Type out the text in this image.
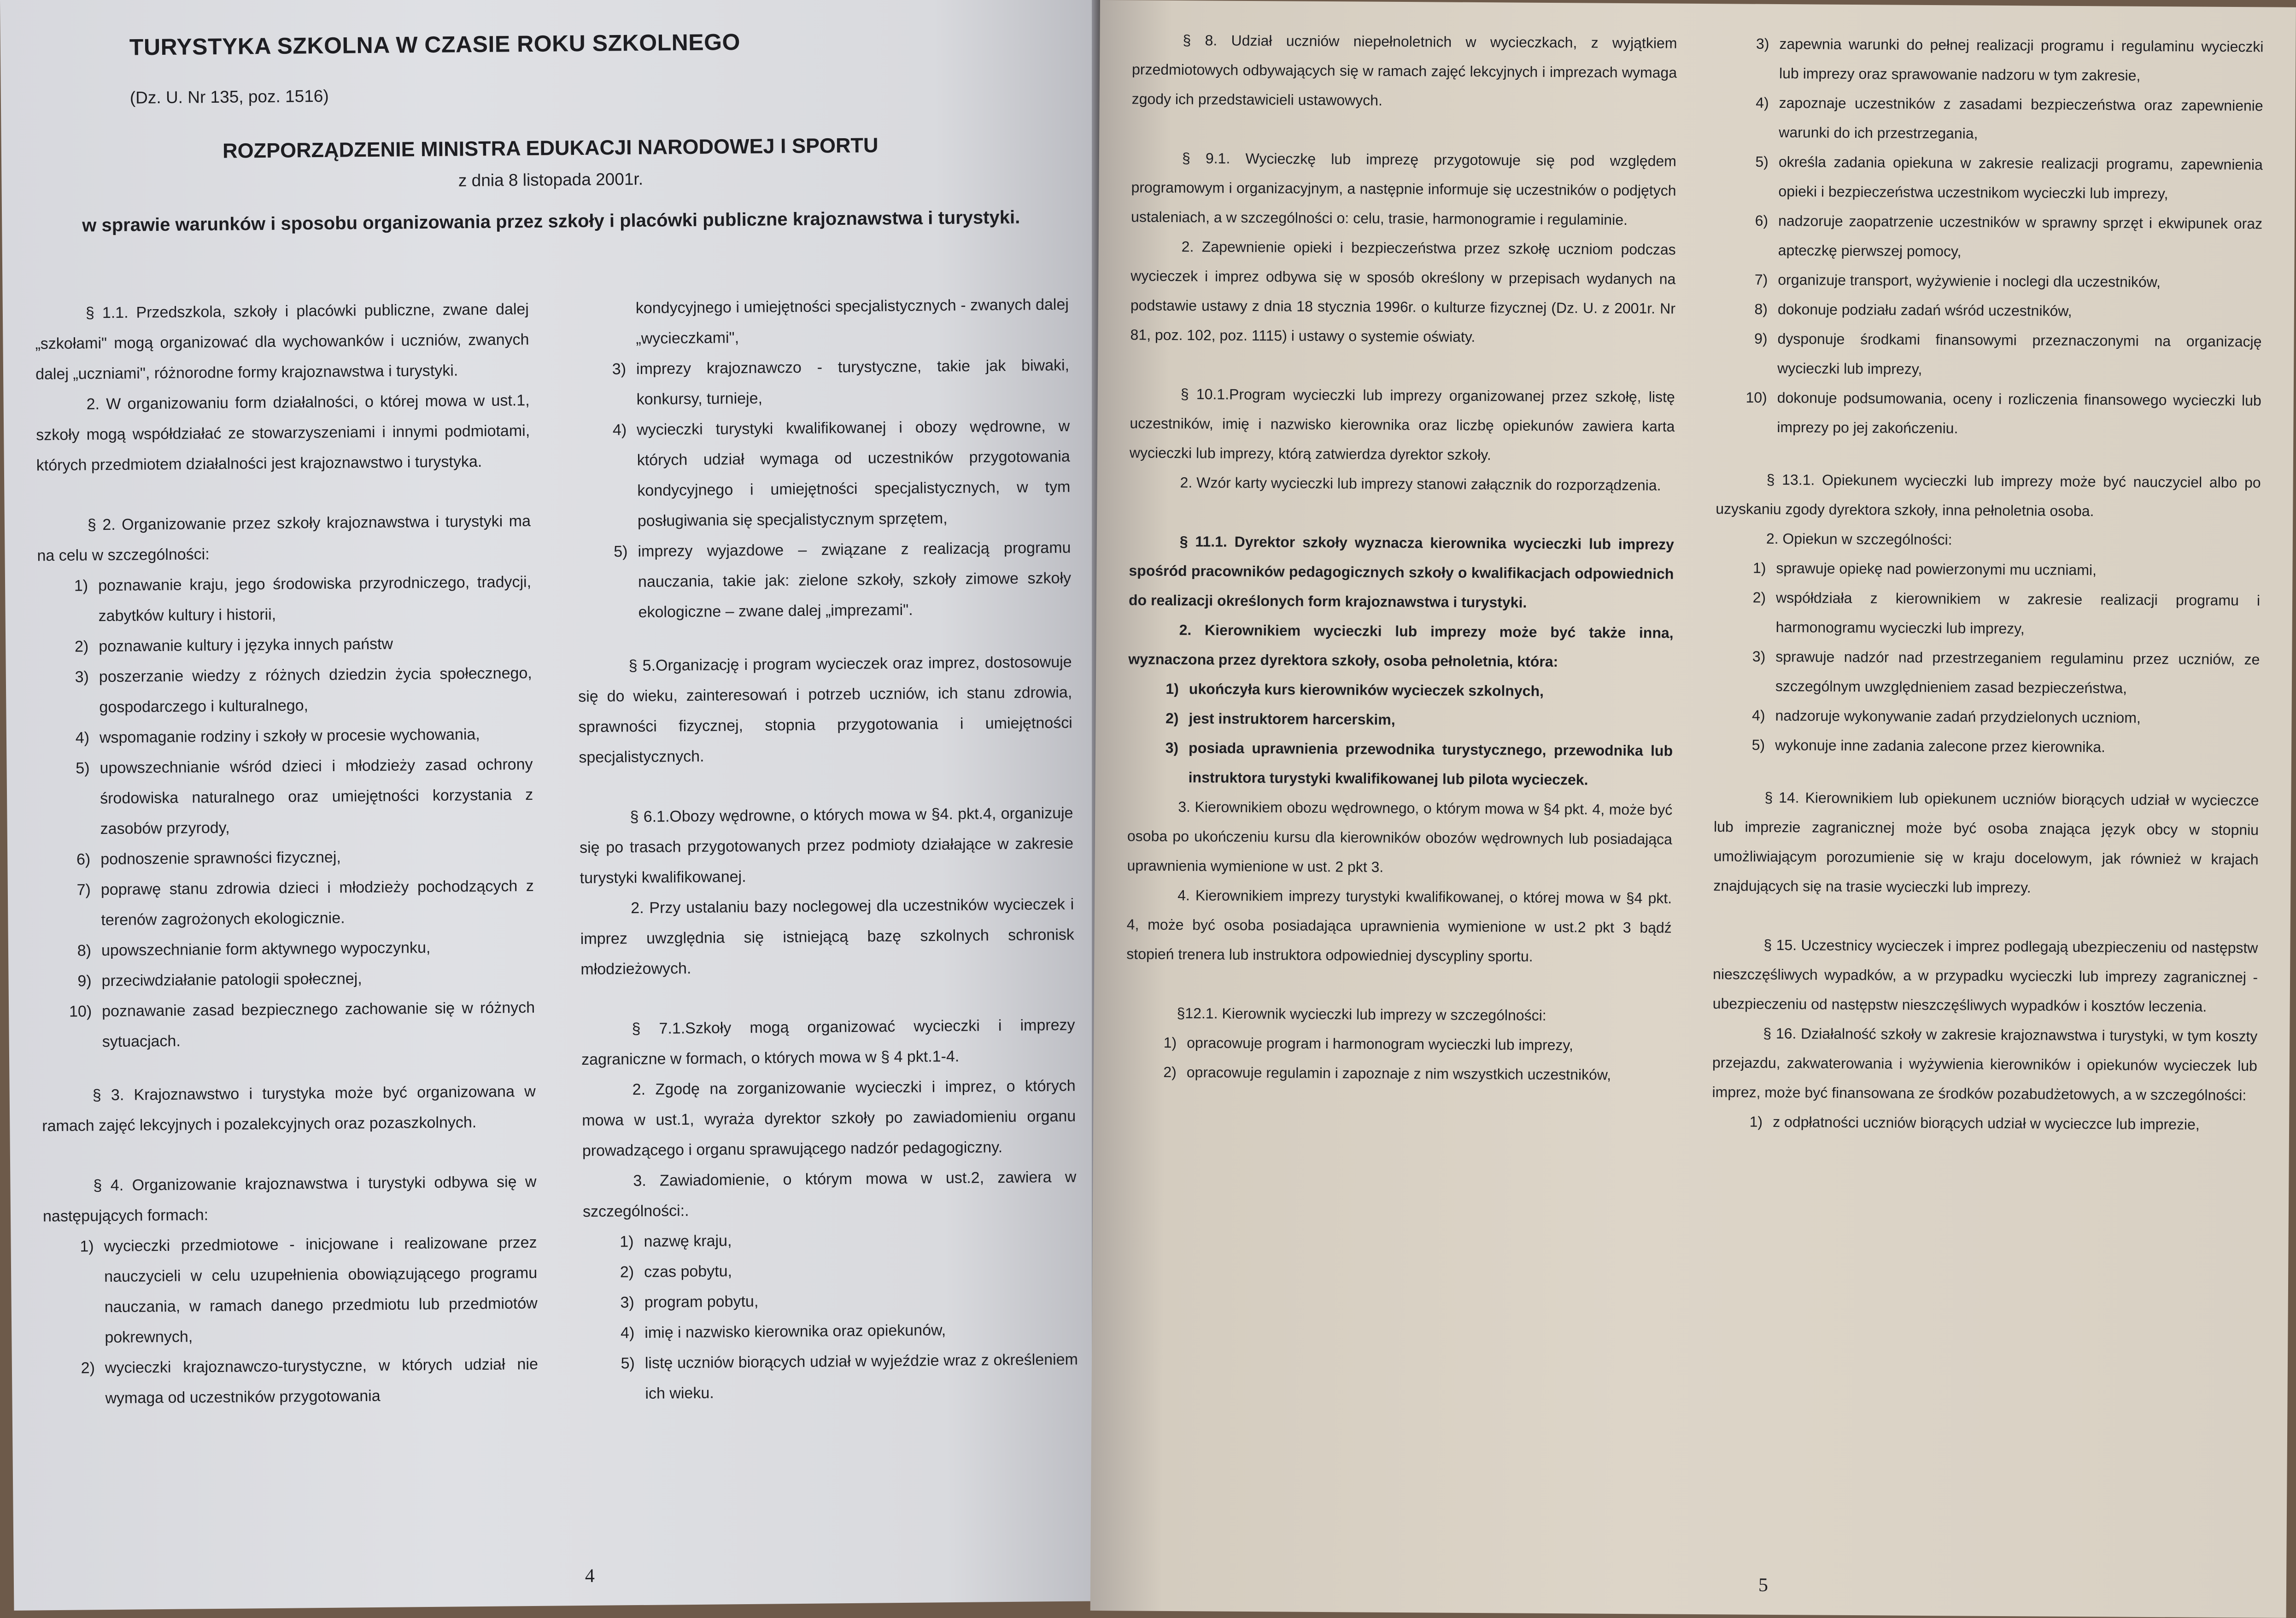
TURYSTYKA SZKOLNA W CZASIE ROKU SZKOLNEGO
(Dz. U. Nr 135, poz. 1516)
ROZPORZĄDZENIE MINISTRA EDUKACJI NARODOWEJ I SPORTU
z dnia 8 listopada 2001r.
w sprawie warunków i sposobu organizowania przez szkoły i placówki publiczne krajoznawstwa i turystyki.
§ 1.1. Przedszkola, szkoły i placówki publiczne, zwane dalej „szkołami" mogą organizować dla wychowanków i uczniów, zwanych dalej „uczniami", różnorodne formy krajoznawstwa i turystyki.
2. W organizowaniu form działalności, o której mowa w ust.1, szkoły mogą współdziałać ze stowarzyszeniami i innymi podmiotami, których przedmiotem działalności jest krajoznawstwo i turystyka.
§ 2. Organizowanie przez szkoły krajoznawstwa i turystyki ma na celu w szczególności:
1) poznawanie kraju, jego środowiska przyrodniczego, tradycji, zabytków kultury i historii,
2) poznawanie kultury i języka innych państw
3) poszerzanie wiedzy z różnych dziedzin życia społecznego, gospodarczego i kulturalnego,
4) wspomaganie rodziny i szkoły w procesie wychowania,
5) upowszechnianie wśród dzieci i młodzieży zasad ochrony środowiska naturalnego oraz umiejętności korzystania z zasobów przyrody,
6) podnoszenie sprawności fizycznej,
7) poprawę stanu zdrowia dzieci i młodzieży pochodzących z terenów zagrożonych ekologicznie.
8) upowszechnianie form aktywnego wypoczynku,
9) przeciwdziałanie patologii społecznej,
10) poznawanie zasad bezpiecznego zachowanie się w różnych sytuacjach.
§ 3. Krajoznawstwo i turystyka może być organizowana w ramach zajęć lekcyjnych i pozalekcyjnych oraz pozaszkolnych.
§ 4. Organizowanie krajoznawstwa i turystyki odbywa się w następujących formach:
1) wycieczki przedmiotowe - inicjowane i realizowane przez nauczycieli w celu uzupełnienia obowiązującego programu nauczania, w ramach danego przedmiotu lub przedmiotów pokrewnych,
2) wycieczki krajoznawczo-turystyczne, w których udział nie wymaga od uczestników przygotowania
kondycyjnego i umiejętności specjalistycznych - zwanych dalej „wycieczkami",
3) imprezy krajoznawczo - turystyczne, takie jak biwaki, konkursy, turnieje,
4) wycieczki turystyki kwalifikowanej i obozy wędrowne, w których udział wymaga od uczestników przygotowania kondycyjnego i umiejętności specjalistycznych, w tym posługiwania się specjalistycznym sprzętem,
5) imprezy wyjazdowe – związane z realizacją programu nauczania, takie jak: zielone szkoły, szkoły zimowe szkoły ekologiczne – zwane dalej „imprezami".
§ 5.Organizację i program wycieczek oraz imprez, dostosowuje się do wieku, zainteresowań i potrzeb uczniów, ich stanu zdrowia, sprawności fizycznej, stopnia przygotowania i umiejętności specjalistycznych.
§ 6.1.Obozy wędrowne, o których mowa w §4. pkt.4, organizuje się po trasach przygotowanych przez podmioty działające w zakresie turystyki kwalifikowanej.
2. Przy ustalaniu bazy noclegowej dla uczestników wycieczek i imprez uwzględnia się istniejącą bazę szkolnych schronisk młodzieżowych.
§ 7.1.Szkoły mogą organizować wycieczki i imprezy zagraniczne w formach, o których mowa w § 4 pkt.1-4.
2. Zgodę na zorganizowanie wycieczki i imprez, o których mowa w ust.1, wyraża dyrektor szkoły po zawiadomieniu organu prowadzącego i organu sprawującego nadzór pedagogiczny.
3. Zawiadomienie, o którym mowa w ust.2, zawiera w szczególności:.
1) nazwę kraju,
2) czas pobytu,
3) program pobytu,
4) imię i nazwisko kierownika oraz opiekunów,
5) listę uczniów biorących udział w wyjeździe wraz z określeniem ich wieku.
4
§ 8. Udział uczniów niepełnoletnich w wycieczkach, z wyjątkiem przedmiotowych odbywających się w ramach zajęć lekcyjnych i imprezach wymaga zgody ich przedstawicieli ustawowych.
§ 9.1. Wycieczkę lub imprezę przygotowuje się pod względem programowym i organizacyjnym, a następnie informuje się uczestników o podjętych ustaleniach, a w szczególności o: celu, trasie, harmonogramie i regulaminie.
2. Zapewnienie opieki i bezpieczeństwa przez szkołę uczniom podczas wycieczek i imprez odbywa się w sposób określony w przepisach wydanych na podstawie ustawy z dnia 18 stycznia 1996r. o kulturze fizycznej (Dz. U. z 2001r. Nr 81, poz. 102, poz. 1115) i ustawy o systemie oświaty.
§ 10.1.Program wycieczki lub imprezy organizowanej przez szkołę, listę uczestników, imię i nazwisko kierownika oraz liczbę opiekunów zawiera karta wycieczki lub imprezy, którą zatwierdza dyrektor szkoły.
2. Wzór karty wycieczki lub imprezy stanowi załącznik do rozporządzenia.
§ 11.1. Dyrektor szkoły wyznacza kierownika wycieczki lub imprezy spośród pracowników pedagogicznych szkoły o kwalifikacjach odpowiednich do realizacji określonych form krajoznawstwa i turystyki.
2. Kierownikiem wycieczki lub imprezy może być także inna, wyznaczona przez dyrektora szkoły, osoba pełnoletnia, która:
1) ukończyła kurs kierowników wycieczek szkolnych,
2) jest instruktorem harcerskim,
3) posiada uprawnienia przewodnika turystycznego, przewodnika lub instruktora turystyki kwalifikowanej lub pilota wycieczek.
3. Kierownikiem obozu wędrownego, o którym mowa w §4 pkt. 4, może być osoba po ukończeniu kursu dla kierowników obozów wędrownych lub posiadająca uprawnienia wymienione w ust. 2 pkt 3.
4. Kierownikiem imprezy turystyki kwalifikowanej, o której mowa w §4 pkt. 4, może być osoba posiadająca uprawnienia wymienione w ust.2 pkt 3 bądź stopień trenera lub instruktora odpowiedniej dyscypliny sportu.
§12.1. Kierownik wycieczki lub imprezy w szczególności:
1) opracowuje program i harmonogram wycieczki lub imprezy,
2) opracowuje regulamin i zapoznaje z nim wszystkich uczestników,
3) zapewnia warunki do pełnej realizacji programu i regulaminu wycieczki lub imprezy oraz sprawowanie nadzoru w tym zakresie,
4) zapoznaje uczestników z zasadami bezpieczeństwa oraz zapewnienie warunki do ich przestrzegania,
5) określa zadania opiekuna w zakresie realizacji programu, zapewnienia opieki i bezpieczeństwa uczestnikom wycieczki lub imprezy,
6) nadzoruje zaopatrzenie uczestników w sprawny sprzęt i ekwipunek oraz apteczkę pierwszej pomocy,
7) organizuje transport, wyżywienie i noclegi dla uczestników,
8) dokonuje podziału zadań wśród uczestników,
9) dysponuje środkami finansowymi przeznaczonymi na organizację wycieczki lub imprezy,
10) dokonuje podsumowania, oceny i rozliczenia finansowego wycieczki lub imprezy po jej zakończeniu.
§ 13.1. Opiekunem wycieczki lub imprezy może być nauczyciel albo po uzyskaniu zgody dyrektora szkoły, inna pełnoletnia osoba.
2. Opiekun w szczególności:
1) sprawuje opiekę nad powierzonymi mu uczniami,
2) współdziała z kierownikiem w zakresie realizacji programu i harmonogramu wycieczki lub imprezy,
3) sprawuje nadzór nad przestrzeganiem regulaminu przez uczniów, ze szczególnym uwzględnieniem zasad bezpieczeństwa,
4) nadzoruje wykonywanie zadań przydzielonych uczniom,
5) wykonuje inne zadania zalecone przez kierownika.
§ 14. Kierownikiem lub opiekunem uczniów biorących udział w wycieczce lub imprezie zagranicznej może być osoba znająca język obcy w stopniu umożliwiającym porozumienie się w kraju docelowym, jak również w krajach znajdujących się na trasie wycieczki lub imprezy.
§ 15. Uczestnicy wycieczek i imprez podlegają ubezpieczeniu od następstw nieszczęśliwych wypadków, a w przypadku wycieczki lub imprezy zagranicznej - ubezpieczeniu od następstw nieszczęśliwych wypadków i kosztów leczenia.
§ 16. Działalność szkoły w zakresie krajoznawstwa i turystyki, w tym koszty przejazdu, zakwaterowania i wyżywienia kierowników i opiekunów wycieczek lub imprez, może być finansowana ze środków pozabudżetowych, a w szczególności:
1) z odpłatności uczniów biorących udział w wycieczce lub imprezie,
5
